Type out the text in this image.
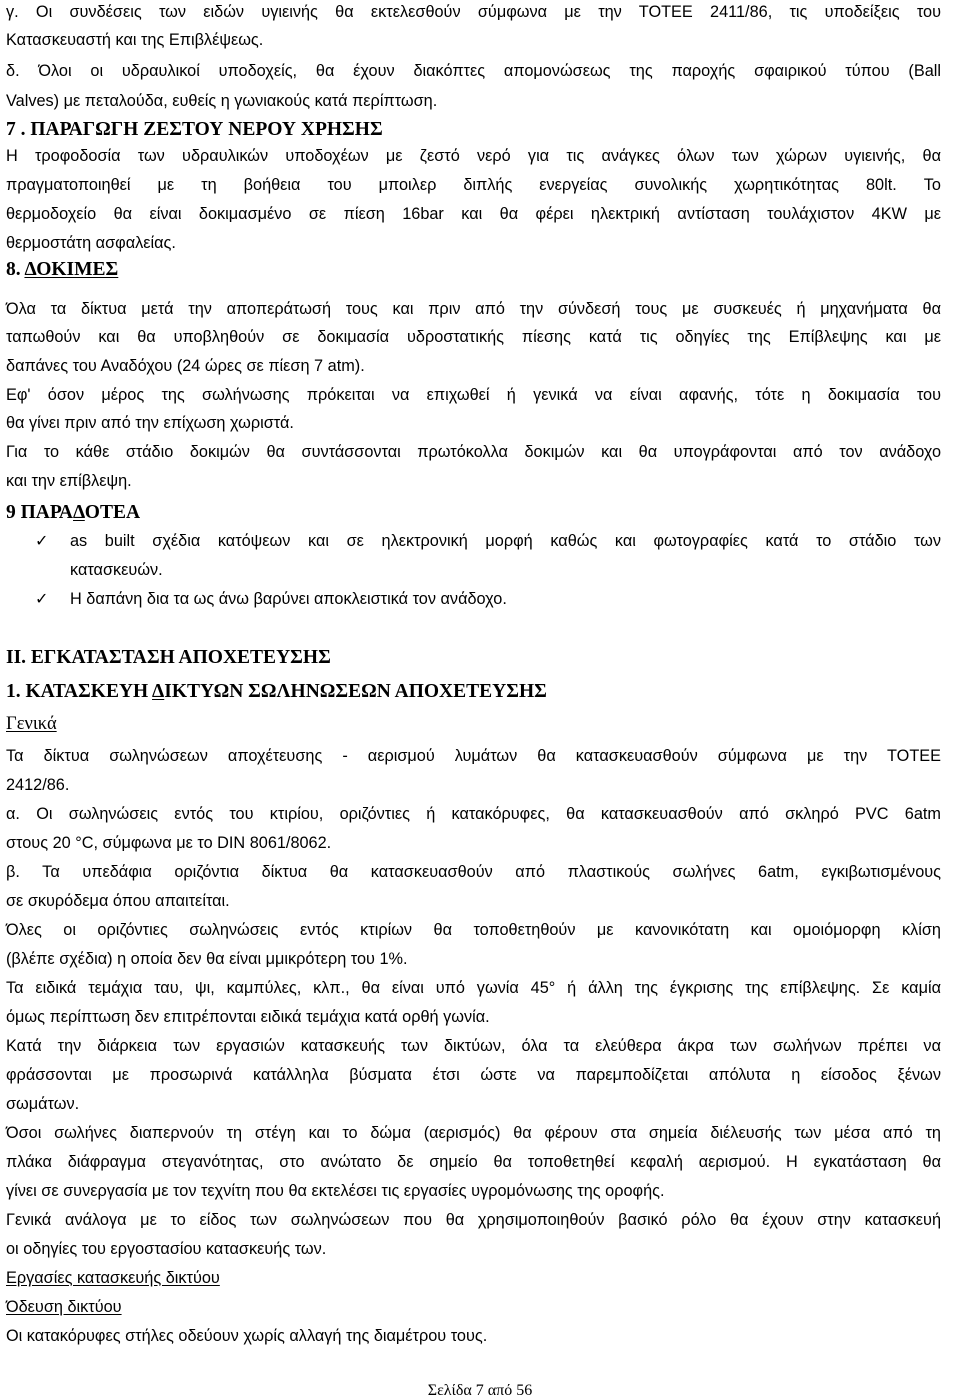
γ. Οι συνδέσεις των ειδών υγιεινής θα εκτελεσθούν σύμφωνα με την ΤΟΤΕΕ 2411/86, τις υποδείξεις του
Κατασκευαστή και της Επιβλέψεως.
δ. Όλοι οι υδραυλικοί υποδοχείς, θα έχουν διακόπτες απομονώσεως της παροχής σφαιρικού τύπου (Ball
Valves) με πεταλούδα, ευθείς η γωνιακούς κατά περίπτωση.
7 . ΠΑΡΑΓΩΓΗ ΖΕΣΤΟΥ ΝΕΡΟΥ ΧΡΗΣΗΣ
Η τροφοδοσία των υδραυλικών υποδοχέων με ζεστό νερό για τις ανάγκες όλων των χώρων υγιεινής, θα
πραγματοποιηθεί με τη βοήθεια του μποιλερ διπλής ενεργείας συνολικής χωρητικότητας 80lt. Το
θερμοδοχείο θα είναι δοκιμασμένο σε πίεση 16bar και θα φέρει ηλεκτρική αντίσταση τουλάχιστον 4KW με
θερμοστάτη ασφαλείας.
8. ΔΟΚΙΜΕΣ
Όλα τα δίκτυα μετά την αποπεράτωσή τους και πριν από την σύνδεσή τους με συσκευές ή μηχανήματα θα
ταπωθούν και θα υποβληθούν σε δοκιμασία υδροστατικής πίεσης κατά τις οδηγίες της Επίβλεψης και με
δαπάνες του Αναδόχου (24 ώρες σε πίεση 7 atm).
Εφ' όσον μέρος της σωλήνωσης πρόκειται να επιχωθεί ή γενικά να είναι αφανής, τότε η δοκιμασία του
θα γίνει πριν από την επίχωση χωριστά.
Για το κάθε στάδιο δοκιμών θα συντάσσονται πρωτόκολλα δοκιμών και θα υπογράφονται από τον ανάδοχο
και την επίβλεψη.
9 ΠΑΡΑΔΟΤΕΑ
✓ as built σχέδια κατόψεων και σε ηλεκτρονική μορφή καθώς και φωτογραφίες κατά το στάδιο των
κατασκευών.
✓ Η δαπάνη δια τα ως άνω βαρύνει αποκλειστικά τον ανάδοχο.
ΙΙ. ΕΓΚΑΤΑΣΤΑΣΗ ΑΠΟΧΕΤΕΥΣΗΣ
1. ΚΑΤΑΣΚΕΥΗ ΔΙΚΤΥΩΝ ΣΩΛΗΝΩΣΕΩΝ ΑΠΟΧΕΤΕΥΣΗΣ
Γενικά
Τα δίκτυα σωληνώσεων αποχέτευσης - αερισμού λυμάτων θα κατασκευασθούν σύμφωνα με την ΤΟΤΕΕ
2412/86.
α. Οι σωληνώσεις εντός του κτιρίου, οριζόντιες ή κατακόρυφες, θα κατασκευασθούν από σκληρό PVC 6atm
στους 20 °C, σύμφωνα με το DIN 8061/8062.
β. Τα υπεδάφια οριζόντια δίκτυα θα κατασκευασθούν από πλαστικούς σωλήνες 6atm, εγκιβωτισμένους
σε σκυρόδεμα όπου απαιτείται.
Όλες οι οριζόντιες σωληνώσεις εντός κτιρίων θα τοποθετηθούν με κανονικότατη και ομοιόμορφη κλίση
(βλέπε σχέδια) η οποία δεν θα είναι μμικρότερη του 1%.
Τα ειδικά τεμάχια ταυ, ψι, καμπύλες, κλπ., θα είναι υπό γωνία 45° ή άλλη της έγκρισης της επίβλεψης. Σε καμία
όμως περίπτωση δεν επιτρέπονται ειδικά τεμάχια κατά ορθή γωνία.
Κατά την διάρκεια των εργασιών κατασκευής των δικτύων, όλα τα ελεύθερα άκρα των σωλήνων πρέπει να
φράσσονται με προσωρινά κατάλληλα βύσματα έτσι ώστε να παρεμποδίζεται απόλυτα η είσοδος ξένων
σωμάτων.
Όσοι σωλήνες διαπερνούν τη στέγη και το δώμα (αερισμός) θα φέρουν στα σημεία διέλευσής των μέσα από τη
πλάκα διάφραγμα στεγανότητας, στο ανώτατο δε σημείο θα τοποθετηθεί κεφαλή αερισμού. Η εγκατάσταση θα
γίνει σε συνεργασία με τον τεχνίτη που θα εκτελέσει τις εργασίες υγρομόνωσης της οροφής.
Γενικά ανάλογα με το είδος των σωληνώσεων που θα χρησιμοποιηθούν βασικό ρόλο θα έχουν στην κατασκευή
οι οδηγίες του εργοστασίου κατασκευής των.
Εργασίες κατασκευής δικτύου
Όδευση δικτύου
Οι κατακόρυφες στήλες οδεύουν χωρίς αλλαγή της διαμέτρου τους.
Σελίδα 7 από 56
